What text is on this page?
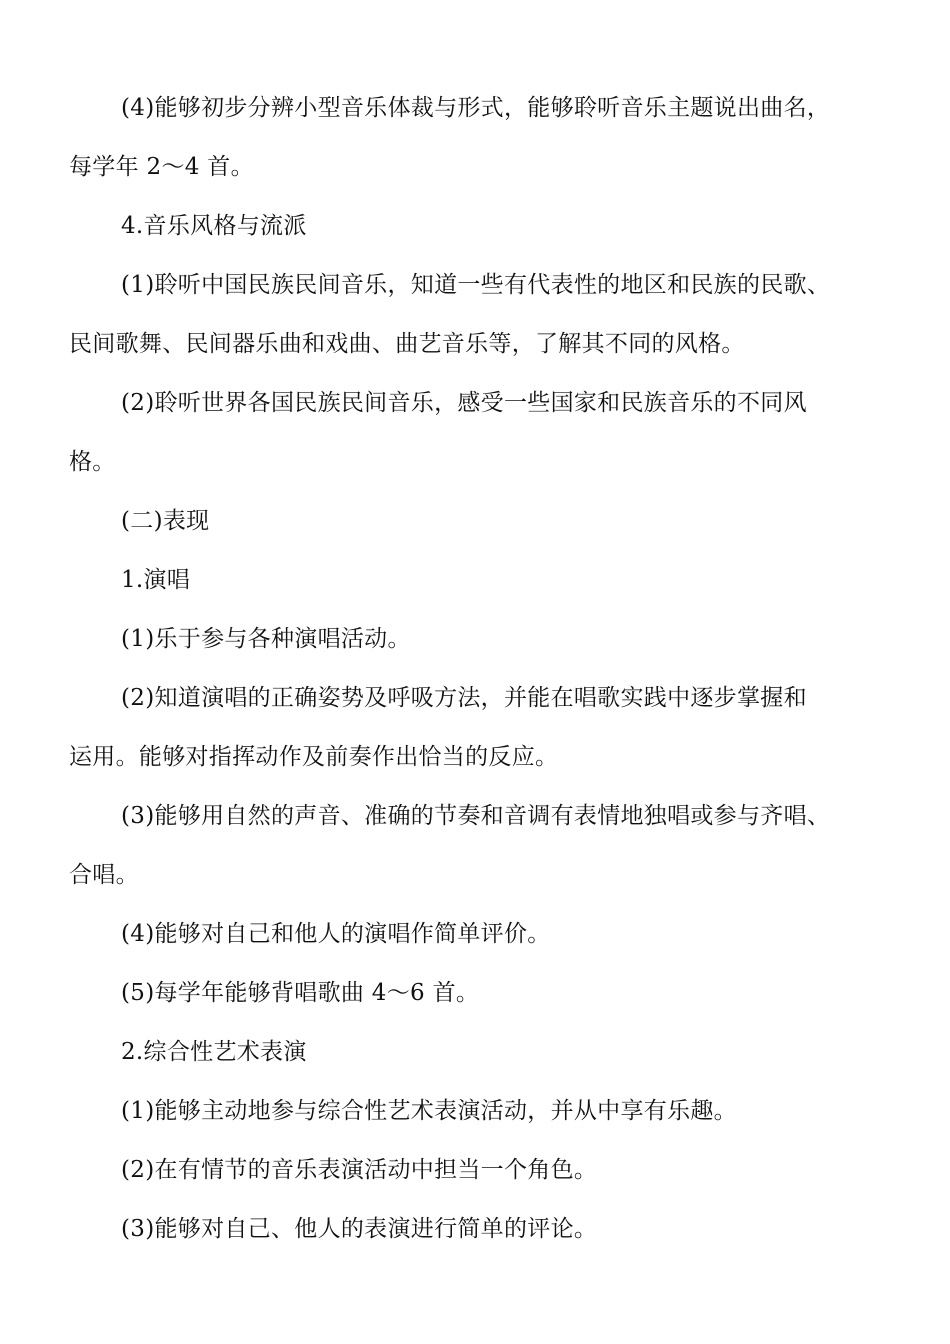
(4)能够初步分辨小型音乐体裁与形式，能够聆听音乐主题说出曲名，
每学年 2～4 首。
4.音乐风格与流派
(1)聆听中国民族民间音乐，知道一些有代表性的地区和民族的民歌、
民间歌舞、民间器乐曲和戏曲、曲艺音乐等，了解其不同的风格。
(2)聆听世界各国民族民间音乐，感受一些国家和民族音乐的不同风
格。
(二)表现
1.演唱
(1)乐于参与各种演唱活动。
(2)知道演唱的正确姿势及呼吸方法，并能在唱歌实践中逐步掌握和
运用。能够对指挥动作及前奏作出恰当的反应。
(3)能够用自然的声音、准确的节奏和音调有表情地独唱或参与齐唱、
合唱。
(4)能够对自己和他人的演唱作简单评价。
(5)每学年能够背唱歌曲 4～6 首。
2.综合性艺术表演
(1)能够主动地参与综合性艺术表演活动，并从中享有乐趣。
(2)在有情节的音乐表演活动中担当一个角色。
(3)能够对自己、他人的表演进行简单的评论。
